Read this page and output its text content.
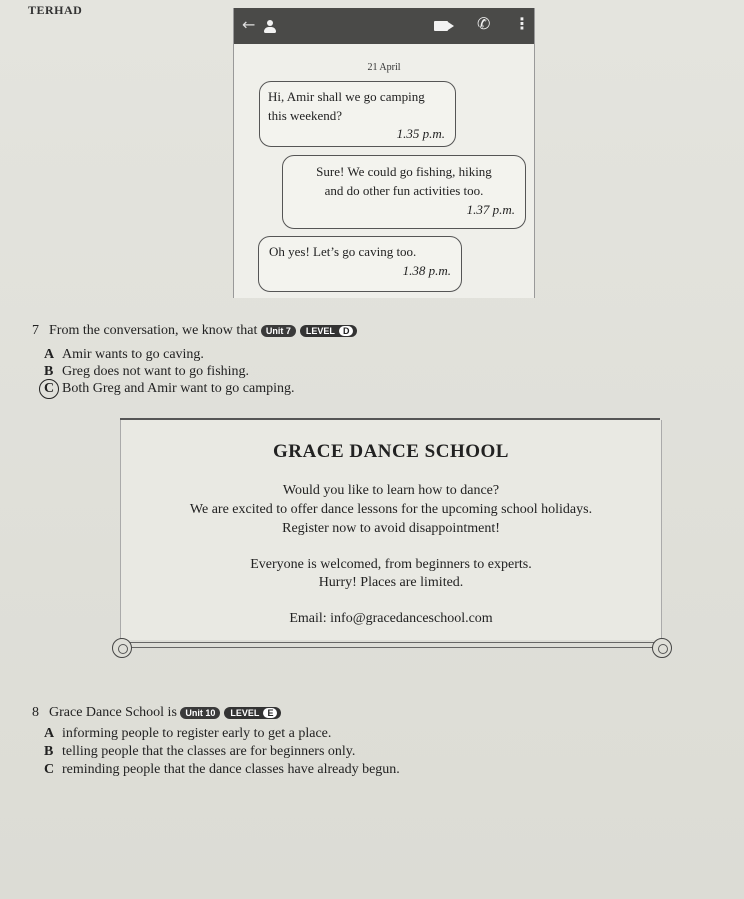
TERHAD
←	✆ ⋮
21 April
Hi, Amir shall we go camping
this weekend?
1.35 p.m.
Sure! We could go fishing, hiking
and do other fun activities too.
1.37 p.m.
Oh yes! Let’s go caving too.
1.38 p.m.
7 From the conversation, we know that Unit 7 LEVEL D
A Amir wants to go caving.
B Greg does not want to go fishing.
C Both Greg and Amir want to go camping.
GRACE DANCE SCHOOL
Would you like to learn how to dance?
We are excited to offer dance lessons for the upcoming school holidays.
Register now to avoid disappointment!
Everyone is welcomed, from beginners to experts.
Hurry! Places are limited.
Email: info@gracedanceschool.com
8 Grace Dance School is Unit 10 LEVEL E
A informing people to register early to get a place.
B telling people that the classes are for beginners only.
C reminding people that the dance classes have already begun.
